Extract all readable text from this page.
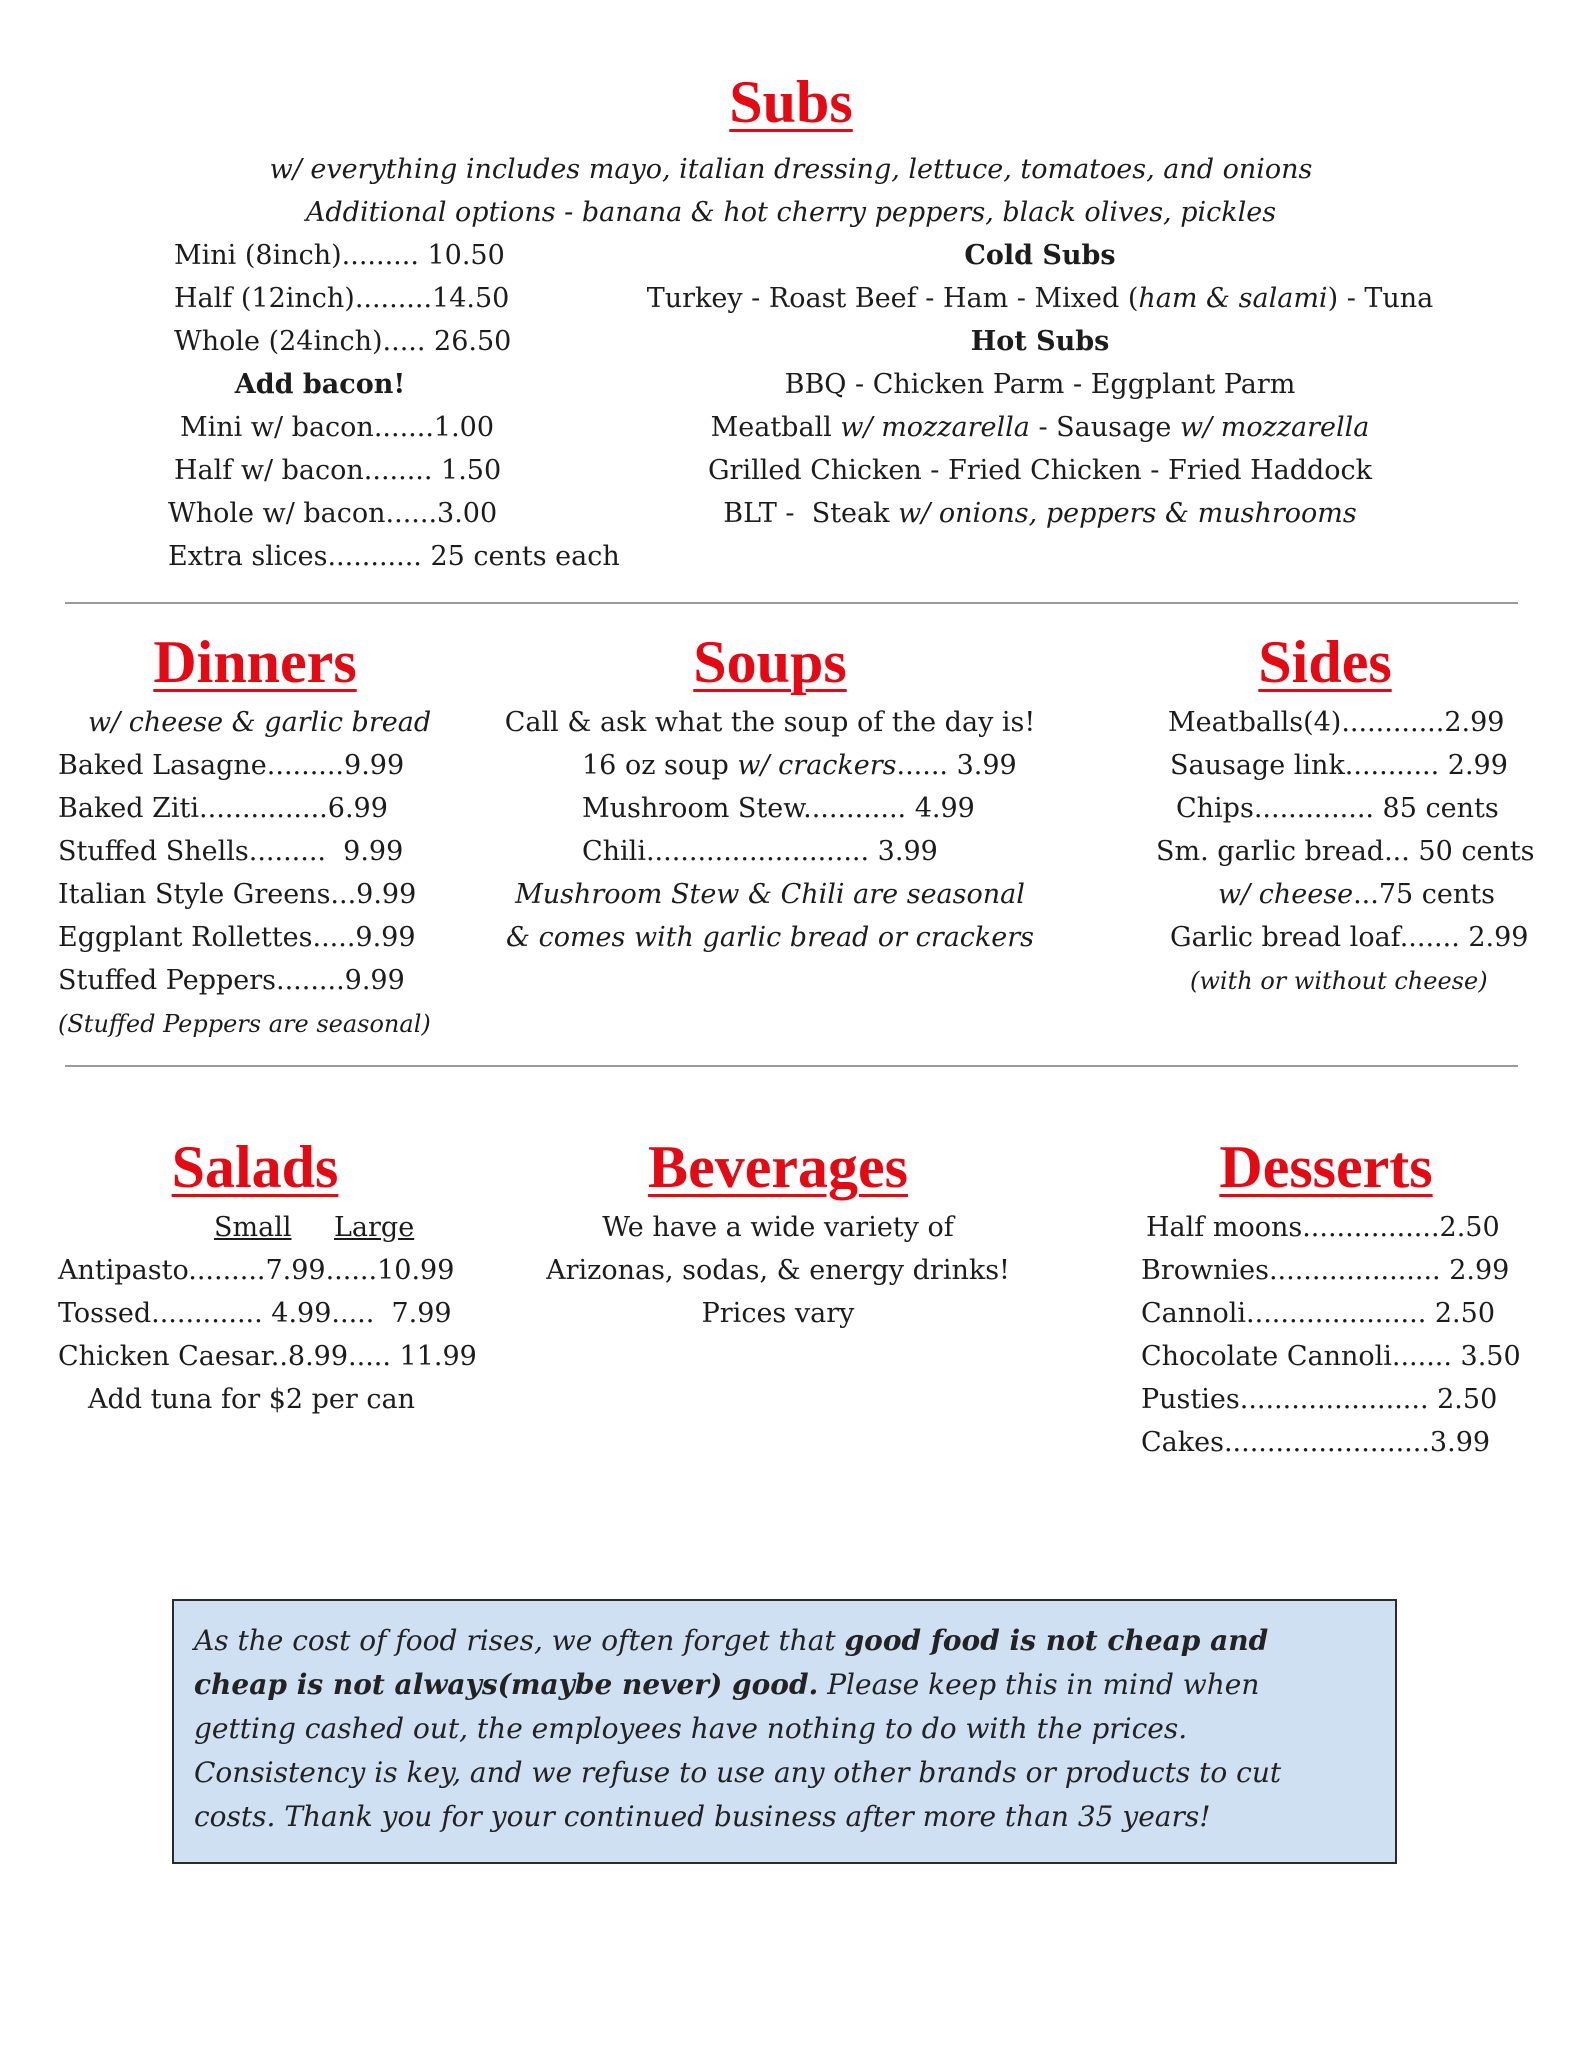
Subs
w/ everything includes mayo, italian dressing, lettuce, tomatoes, and onions
Additional options - banana & hot cherry peppers, black olives, pickles
Mini (8inch)......... 10.50
Half (12inch).........14.50
Whole (24inch)..... 26.50
Add bacon!
Mini w/ bacon.......1.00
Half w/ bacon........ 1.50
Whole w/ bacon......3.00
Extra slices........... 25 cents each
Cold Subs
Turkey - Roast Beef - Ham - Mixed (ham & salami) - Tuna
Hot Subs
BBQ - Chicken Parm - Eggplant Parm
Meatball w/ mozzarella - Sausage w/ mozzarella
Grilled Chicken - Fried Chicken - Fried Haddock
BLT -  Steak w/ onions, peppers & mushrooms
Dinners
w/ cheese & garlic bread
Baked Lasagne.........9.99
Baked Ziti...............6.99
Stuffed Shells.........  9.99
Italian Style Greens...9.99
Eggplant Rollettes.....9.99
Stuffed Peppers........9.99
(Stuffed Peppers are seasonal)
Soups
Call & ask what the soup of the day is!
16 oz soup w/ crackers...... 3.99
Mushroom Stew............ 4.99
Chili.......................... 3.99
Mushroom Stew & Chili are seasonal
& comes with garlic bread or crackers
Sides
Meatballs(4)............2.99
Sausage link........... 2.99
Chips.............. 85 cents
Sm. garlic bread... 50 cents
w/ cheese...75 cents
Garlic bread loaf....... 2.99
(with or without cheese)
Salads
Small Large
Antipasto.........7.99......10.99
Tossed............. 4.99.....  7.99
Chicken Caesar..8.99..... 11.99
Add tuna for $2 per can
Beverages
We have a wide variety of
Arizonas, sodas, & energy drinks!
Prices vary
Desserts
Half moons................2.50
Brownies.................... 2.99
Cannoli..................... 2.50
Chocolate Cannoli....... 3.50
Pusties...................... 2.50
Cakes........................3.99
As the cost of food rises, we often forget that good food is not cheap and cheap is not always(maybe never) good. Please keep this in mind when getting cashed out, the employees have nothing to do with the prices. Consistency is key, and we refuse to use any other brands or products to cut costs. Thank you for your continued business after more than 35 years!
